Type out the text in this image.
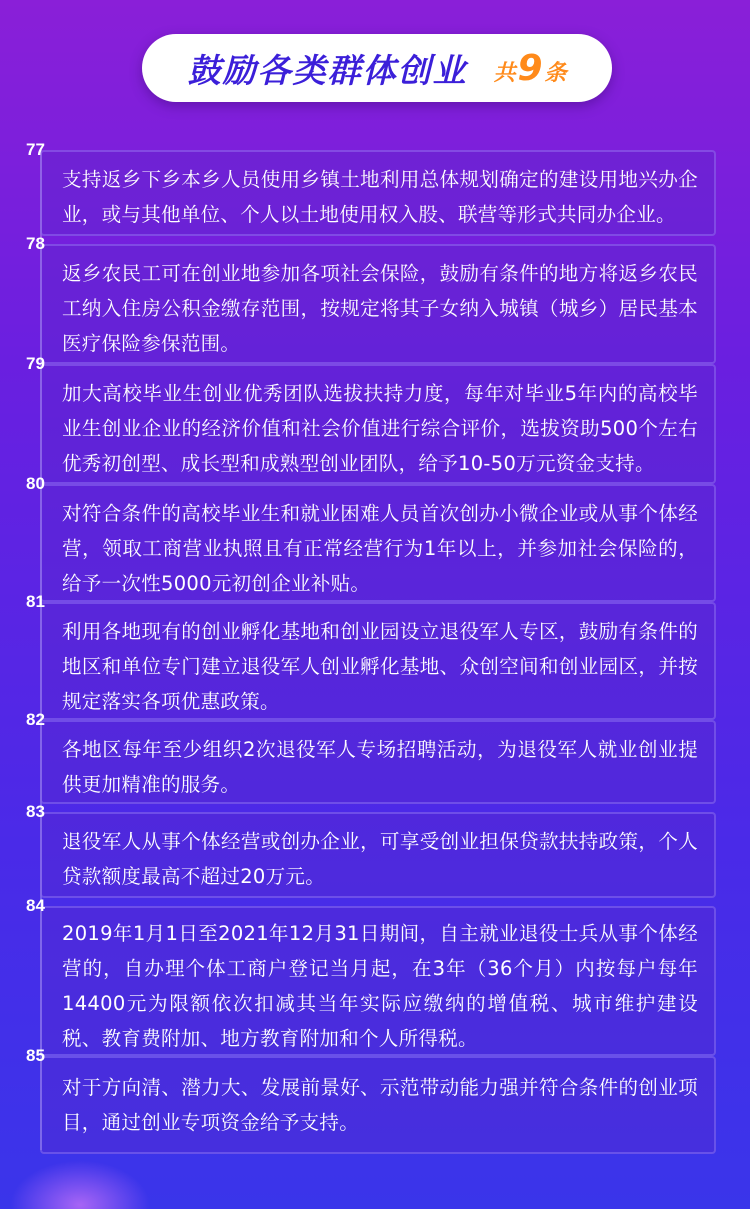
鼓励各类群体创业 共 9 条
支持返乡下乡本乡人员使用乡镇土地利用总体规划确定的建设用地兴办企业，或与其他单位、个人以土地使用权入股、联营等形式共同办企业。
77
返乡农民工可在创业地参加各项社会保险，鼓励有条件的地方将返乡农民工纳入住房公积金缴存范围，按规定将其子女纳入城镇（城乡）居民基本医疗保险参保范围。
78
加大高校毕业生创业优秀团队选拔扶持力度，每年对毕业5年内的高校毕业生创业企业的经济价值和社会价值进行综合评价，选拔资助500个左右优秀初创型、成长型和成熟型创业团队，给予10-50万元资金支持。
79
对符合条件的高校毕业生和就业困难人员首次创办小微企业或从事个体经营，领取工商营业执照且有正常经营行为1年以上，并参加社会保险的，给予一次性5000元初创企业补贴。
80
利用各地现有的创业孵化基地和创业园设立退役军人专区，鼓励有条件的地区和单位专门建立退役军人创业孵化基地、众创空间和创业园区，并按规定落实各项优惠政策。
81
各地区每年至少组织2次退役军人专场招聘活动，为退役军人就业创业提供更加精准的服务。
82
退役军人从事个体经营或创办企业，可享受创业担保贷款扶持政策，个人贷款额度最高不超过20万元。
83
2019年1月1日至2021年12月31日期间，自主就业退役士兵从事个体经营的，自办理个体工商户登记当月起，在3年（36个月）内按每户每年14400元为限额依次扣减其当年实际应缴纳的增值税、城市维护建设税、教育费附加、地方教育附加和个人所得税。
84
对于方向清、潜力大、发展前景好、示范带动能力强并符合条件的创业项目，通过创业专项资金给予支持。
85
